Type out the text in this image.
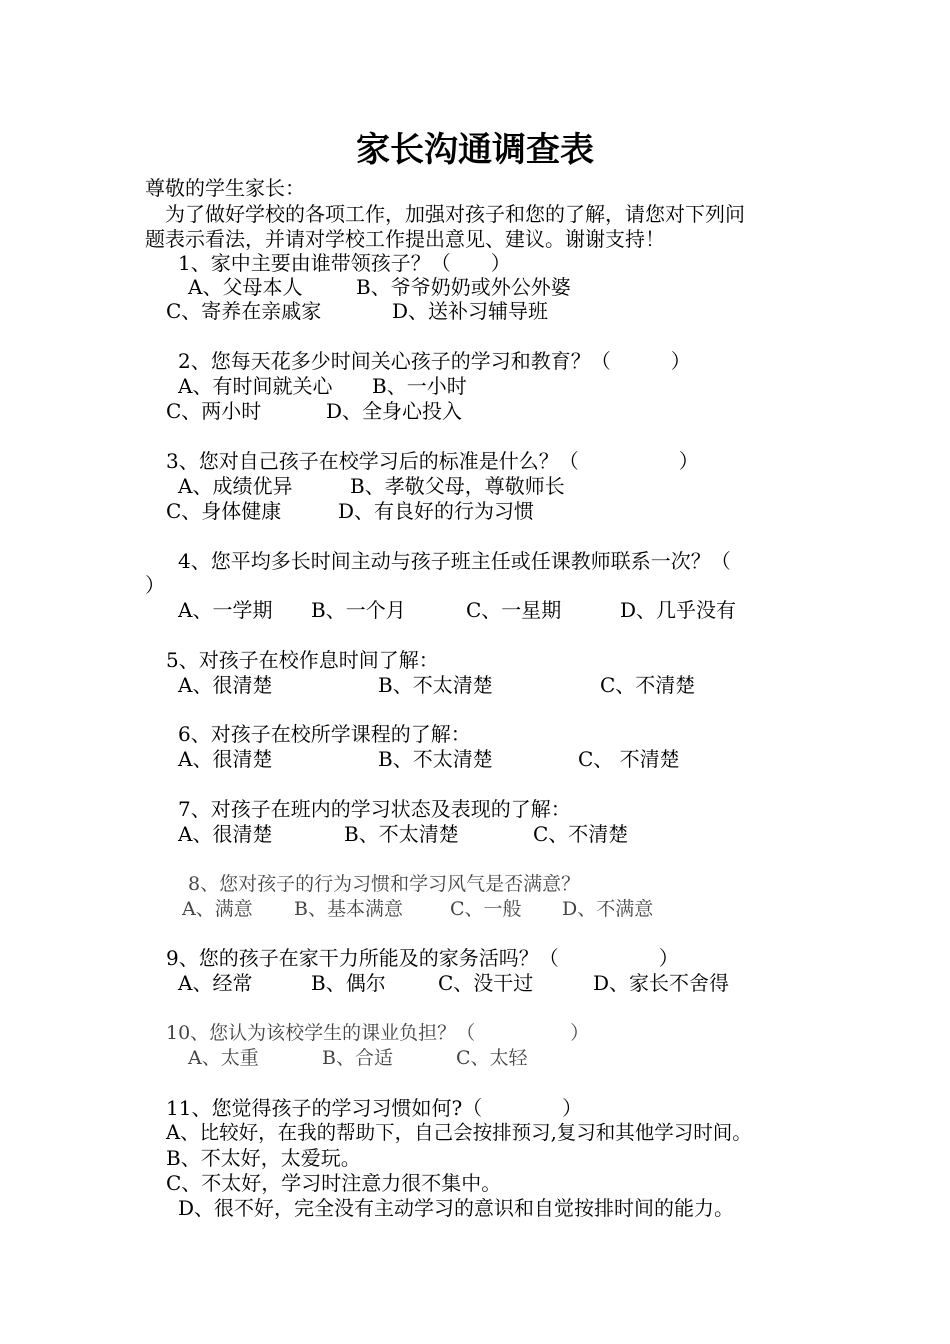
家长沟通调查表
尊敬的学生家长：
为了做好学校的各项工作，加强对孩子和您的了解，请您对下列问
题表示看法，并请对学校工作提出意见、建议。谢谢支持！
1、家中主要由谁带领孩子？（　　）
A、父母本人	B、爷爷奶奶或外公外婆
C、寄养在亲戚家	D、送补习辅导班
2、您每天花多少时间关心孩子的学习和教育？（　　　）
A、有时间就关心 B、一小时
C、两小时	D、全身心投入
3、您对自己孩子在校学习后的标准是什么？（　　　　　）
A、成绩优异	B、孝敬父母，尊敬师长
C、身体健康	D、有良好的行为习惯
4、您平均多长时间主动与孩子班主任或任课教师联系一次？（
）
A、一学期 B、一个月	C、一星期	D、几乎没有
5、对孩子在校作息时间了解：
A、很清楚	B、不太清楚	C、不清楚
6、对孩子在校所学课程的了解：
A、很清楚	B、不太清楚	C、 不清楚
7、对孩子在班内的学习状态及表现的了解：
A、很清楚	B、不太清楚	C、不清楚
8、您对孩子的行为习惯和学习风气是否满意？
A、满意 B、基本满意 C、一般 D、不满意
9、您的孩子在家干力所能及的家务活吗？（　　　　　）
A、经常	B、偶尔	C、没干过	D、家长不舍得
10、您认为该校学生的课业负担？（　　　　　）
A、太重	B、合适	C、太轻
11、您觉得孩子的学习习惯如何?（　　　　）
A、比较好，在我的帮助下，自己会按排预习,复习和其他学习时间。
B、不太好，太爱玩。
C、不太好，学习时注意力很不集中。
D、很不好，完全没有主动学习的意识和自觉按排时间的能力。
